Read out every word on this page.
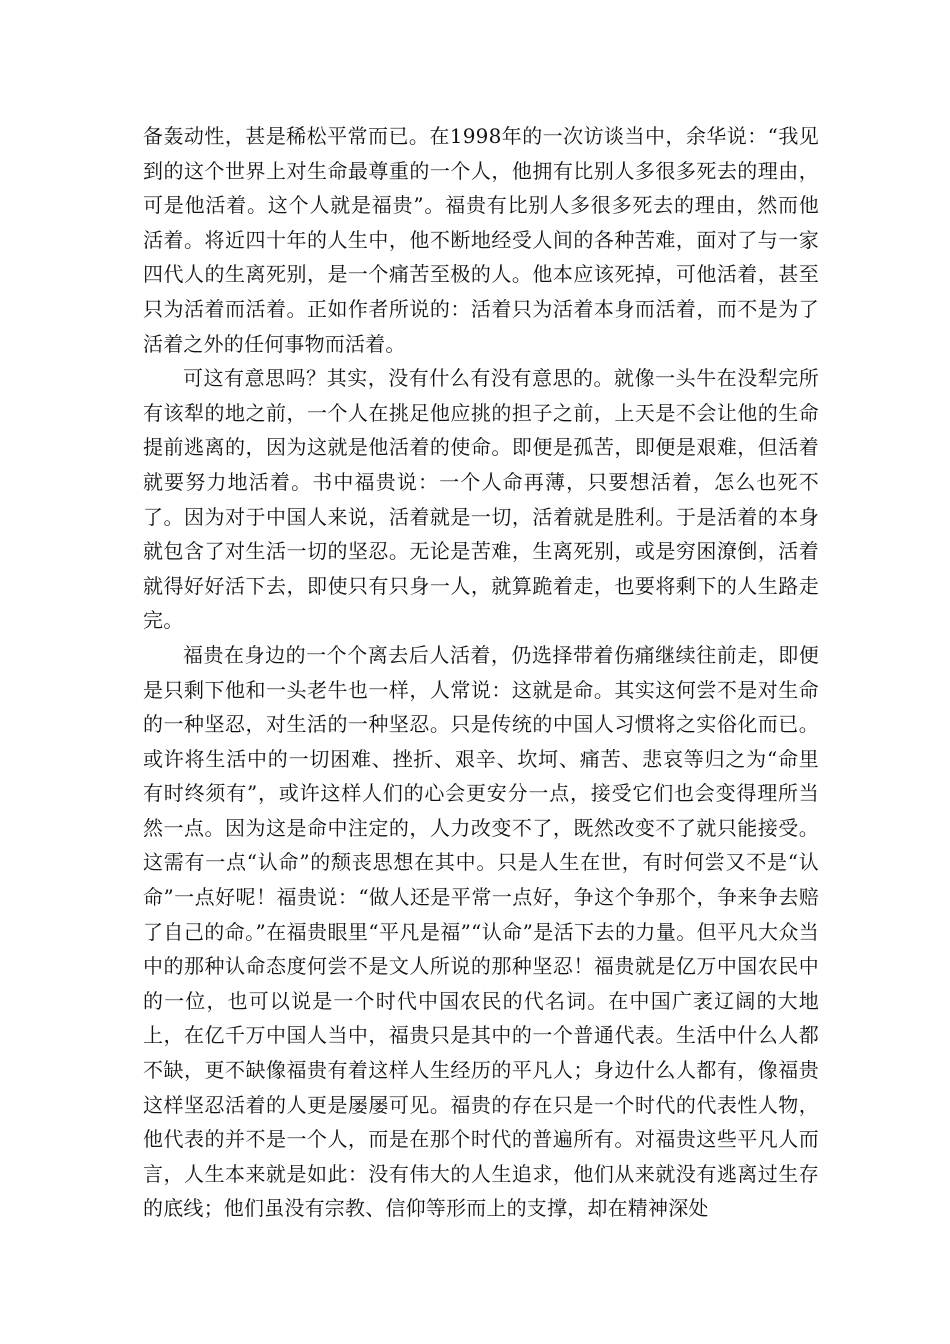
备轰动性，甚是稀松平常而已。在1998年的一次访谈当中，余华说：“我见到的这个世界上对生命最尊重的一个人，他拥有比别人多很多死去的理由，可是他活着。这个人就是福贵”。福贵有比别人多很多死去的理由，然而他活着。将近四十年的人生中，他不断地经受人间的各种苦难，面对了与一家四代人的生离死别，是一个痛苦至极的人。他本应该死掉，可他活着，甚至只为活着而活着。正如作者所说的：活着只为活着本身而活着，而不是为了活着之外的任何事物而活着。

可这有意思吗？其实，没有什么有没有意思的。就像一头牛在没犁完所有该犁的地之前，一个人在挑足他应挑的担子之前，上天是不会让他的生命提前逃离的，因为这就是他活着的使命。即便是孤苦，即便是艰难，但活着就要努力地活着。书中福贵说：一个人命再薄，只要想活着，怎么也死不了。因为对于中国人来说，活着就是一切，活着就是胜利。于是活着的本身就包含了对生活一切的坚忍。无论是苦难，生离死别，或是穷困潦倒，活着就得好好活下去，即使只有只身一人，就算跪着走，也要将剩下的人生路走完。

福贵在身边的一个个离去后人活着，仍选择带着伤痛继续往前走，即便是只剩下他和一头老牛也一样，人常说：这就是命。其实这何尝不是对生命的一种坚忍，对生活的一种坚忍。只是传统的中国人习惯将之实俗化而已。或许将生活中的一切困难、挫折、艰辛、坎坷、痛苦、悲哀等归之为“命里有时终须有”，或许这样人们的心会更安分一点，接受它们也会变得理所当然一点。因为这是命中注定的，人力改变不了，既然改变不了就只能接受。这需有一点“认命”的颓丧思想在其中。只是人生在世，有时何尝又不是“认命”一点好呢！福贵说：“做人还是平常一点好，争这个争那个，争来争去赔了自己的命。”在福贵眼里“平凡是福”“认命”是活下去的力量。但平凡大众当中的那种认命态度何尝不是文人所说的那种坚忍！福贵就是亿万中国农民中的一位，也可以说是一个时代中国农民的代名词。在中国广袤辽阔的大地上，在亿千万中国人当中，福贵只是其中的一个普通代表。生活中什么人都不缺，更不缺像福贵有着这样人生经历的平凡人；身边什么人都有，像福贵这样坚忍活着的人更是屡屡可见。福贵的存在只是一个时代的代表性人物，他代表的并不是一个人，而是在那个时代的普遍所有。对福贵这些平凡人而言，人生本来就是如此：没有伟大的人生追求，他们从来就没有逃离过生存的底线；他们虽没有宗教、信仰等形而上的支撑，却在精神深处
